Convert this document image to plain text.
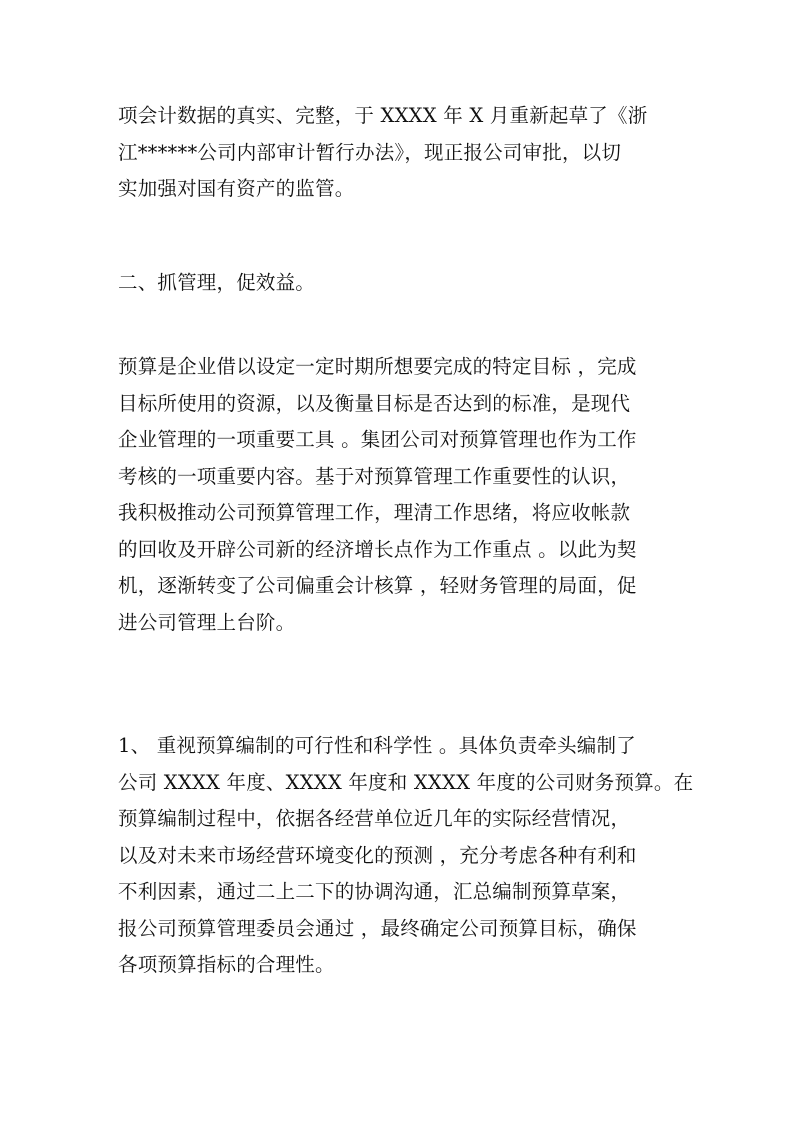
项会计数据的真实、完整，于 XXXX 年 X 月重新起草了《浙
江******公司内部审计暂行办法》，现正报公司审批，以切
实加强对国有资产的监管。
二、抓管理，促效益。
预算是企业借以设定一定时期所想要完成的特定目标 ，完成
目标所使用的资源，以及衡量目标是否达到的标准，是现代
企业管理的一项重要工具 。集团公司对预算管理也作为工作
考核的一项重要内容。基于对预算管理工作重要性的认识，
我积极推动公司预算管理工作，理清工作思绪，将应收帐款
的回收及开辟公司新的经济增长点作为工作重点 。以此为契
机，逐渐转变了公司偏重会计核算 ，轻财务管理的局面，促
进公司管理上台阶。
1、 重视预算编制的可行性和科学性 。具体负责牵头编制了
公司 XXXX 年度、XXXX 年度和 XXXX 年度的公司财务预算。在
预算编制过程中，依据各经营单位近几年的实际经营情况，
以及对未来市场经营环境变化的预测 ，充分考虑各种有利和
不利因素，通过二上二下的协调沟通，汇总编制预算草案，
报公司预算管理委员会通过 ，最终确定公司预算目标，确保
各项预算指标的合理性。
